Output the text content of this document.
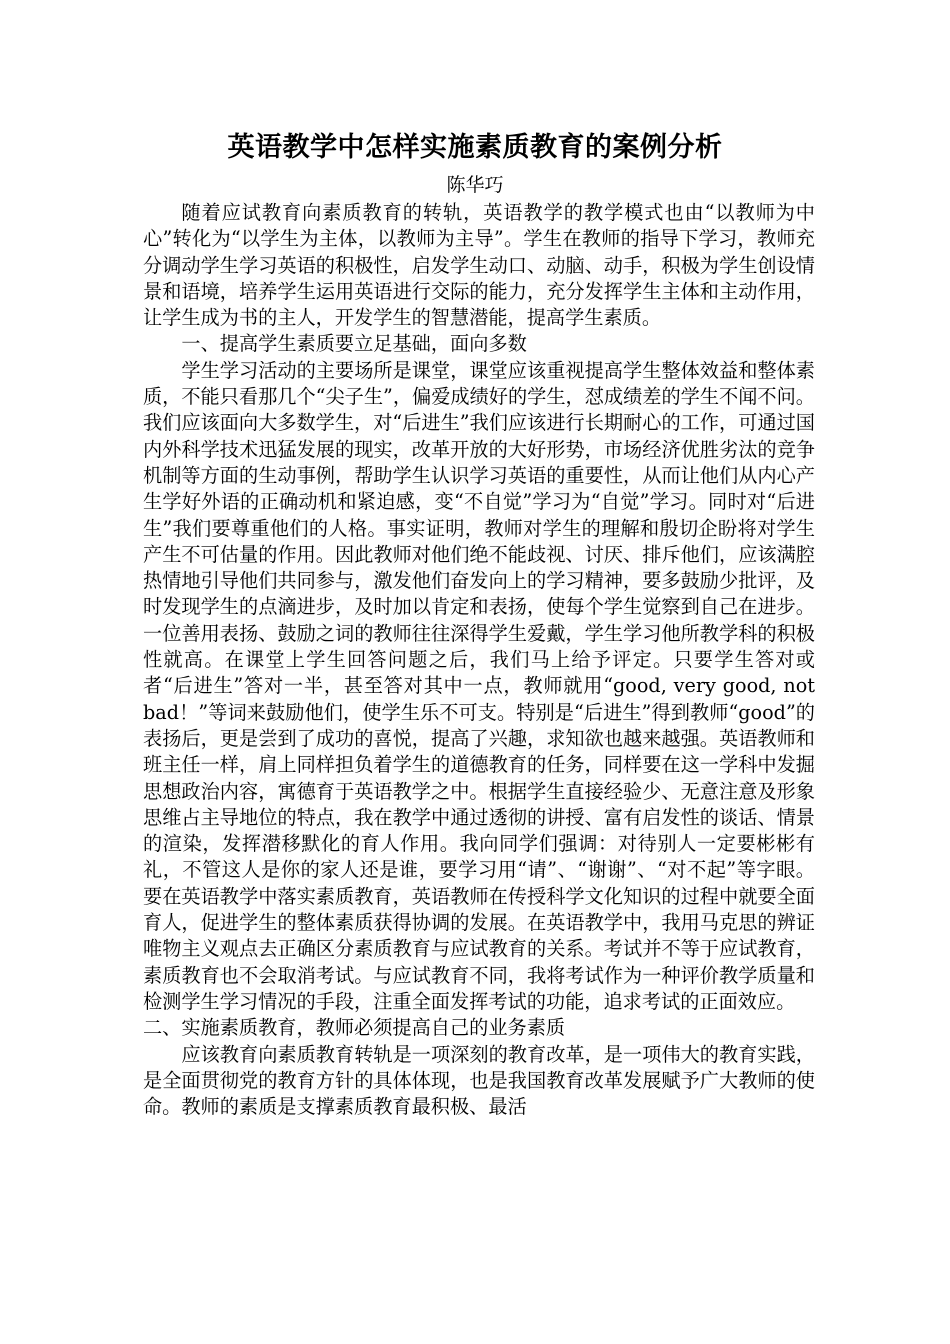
英语教学中怎样实施素质教育的案例分析
陈华巧

随着应试教育向素质教育的转轨，英语教学的教学模式也由“以教师为中心”转化为“以学生为主体，以教师为主导”。学生在教师的指导下学习，教师充分调动学生学习英语的积极性，启发学生动口、动脑、动手，积极为学生创设情景和语境，培养学生运用英语进行交际的能力，充分发挥学生主体和主动作用，让学生成为书的主人，开发学生的智慧潜能，提高学生素质。

一、提高学生素质要立足基础，面向多数

学生学习活动的主要场所是课堂，课堂应该重视提高学生整体效益和整体素质，不能只看那几个“尖子生”，偏爱成绩好的学生，怼成绩差的学生不闻不问。我们应该面向大多数学生，对“后进生”我们应该进行长期耐心的工作，可通过国内外科学技术迅猛发展的现实，改革开放的大好形势，市场经济优胜劣汰的竞争机制等方面的生动事例，帮助学生认识学习英语的重要性，从而让他们从内心产生学好外语的正确动机和紧迫感，变“不自觉”学习为“自觉”学习。同时对“后进生”我们要尊重他们的人格。事实证明，教师对学生的理解和殷切企盼将对学生产生不可估量的作用。因此教师对他们绝不能歧视、讨厌、排斥他们，应该满腔热情地引导他们共同参与，激发他们奋发向上的学习精神，要多鼓励少批评，及时发现学生的点滴进步，及时加以肯定和表扬，使每个学生觉察到自己在进步。一位善用表扬、鼓励之词的教师往往深得学生爱戴，学生学习他所教学科的积极性就高。在课堂上学生回答问题之后，我们马上给予评定。只要学生答对或者“后进生”答对一半，甚至答对其中一点，教师就用“good, very good, not bad！”等词来鼓励他们，使学生乐不可支。特别是“后进生”得到教师“good”的表扬后，更是尝到了成功的喜悦，提高了兴趣，求知欲也越来越强。英语教师和班主任一样，肩上同样担负着学生的道德教育的任务，同样要在这一学科中发掘思想政治内容，寓德育于英语教学之中。根据学生直接经验少、无意注意及形象思维占主导地位的特点，我在教学中通过透彻的讲授、富有启发性的谈话、情景的渲染，发挥潜移默化的育人作用。我向同学们强调：对待别人一定要彬彬有礼，不管这人是你的家人还是谁，要学习用“请”、“谢谢”、“对不起”等字眼。要在英语教学中落实素质教育，英语教师在传授科学文化知识的过程中就要全面育人，促进学生的整体素质获得协调的发展。在英语教学中，我用马克思的辨证唯物主义观点去正确区分素质教育与应试教育的关系。考试并不等于应试教育，素质教育也不会取消考试。与应试教育不同，我将考试作为一种评价教学质量和检测学生学习情况的手段，注重全面发挥考试的功能，追求考试的正面效应。

二、实施素质教育，教师必须提高自己的业务素质

应该教育向素质教育转轨是一项深刻的教育改革，是一项伟大的教育实践，是全面贯彻党的教育方针的具体体现，也是我国教育改革发展赋予广大教师的使命。教师的素质是支撑素质教育最积极、最活
